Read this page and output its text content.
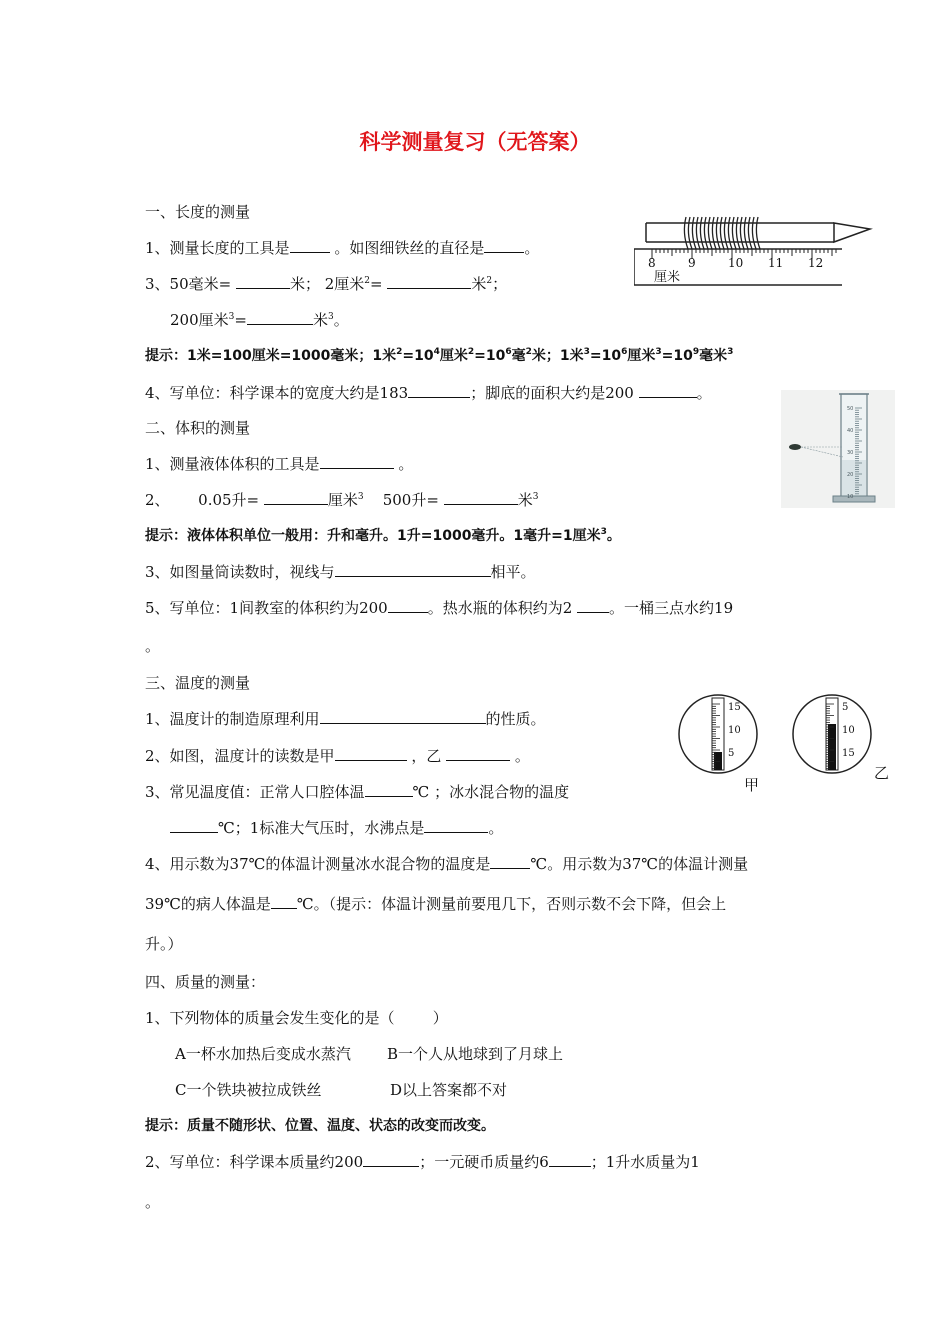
科学测量复习（无答案）
一、长度的测量
1、测量长度的工具是	。如图细铁丝的直径是	。
3、50毫米=	米； 2厘米$^2$=	米$^2$；
200厘米$^3$=	米$^3$。
提示：1米=100厘米=1000毫米；1米$^2=10^4$厘米$^2=10^6$毫$^2$米；1米$^3=10^6$厘米$^3=10^9$毫米$^3$
4、写单位：科学课本的宽度大约是183	；脚底的面积大约是200	。
二、体积的测量
1、测量液体体积的工具是	。
2、      0.05升=	厘米$^3$    500升=	米$^3$
提示：液体体积单位一般用：升和毫升。1升=1000毫升。1毫升=1厘米$^3$。
3、如图量筒读数时，视线与	相平。
5、写单位：1间教室的体积约为200	。热水瓶的体积约为2 。一桶三点水约19
。
三、温度的测量
1、温度计的制造原理利用	的性质。
2、如图，温度计的读数是甲	，乙	。
3、常见温度值：正常人口腔体温	℃ ；冰水混合物的温度
℃；1标准大气压时，水沸点是	。
4、用示数为37℃的体温计测量冰水混合物的温度是	℃。用示数为37℃的体温计测量
39℃的病人体温是 ℃。（提示：体温计测量前要甩几下，否则示数不会下降，但会上
升。）
四、质量的测量：
1、下列物体的质量会发生变化的是（        ）
A一杯水加热后变成水蒸汽 B一个人从地球到了月球上
C一个铁块被拉成铁丝	D以上答案都不对
提示：质量不随形状、位置、温度、状态的改变而改变。
2、写单位：科学课本质量约200	；一元硬币质量约6	；1升水质量为1
。
8	9	10 11 12
厘米
50
40
30
20
10
15
10
5
甲
5
10
15
乙
